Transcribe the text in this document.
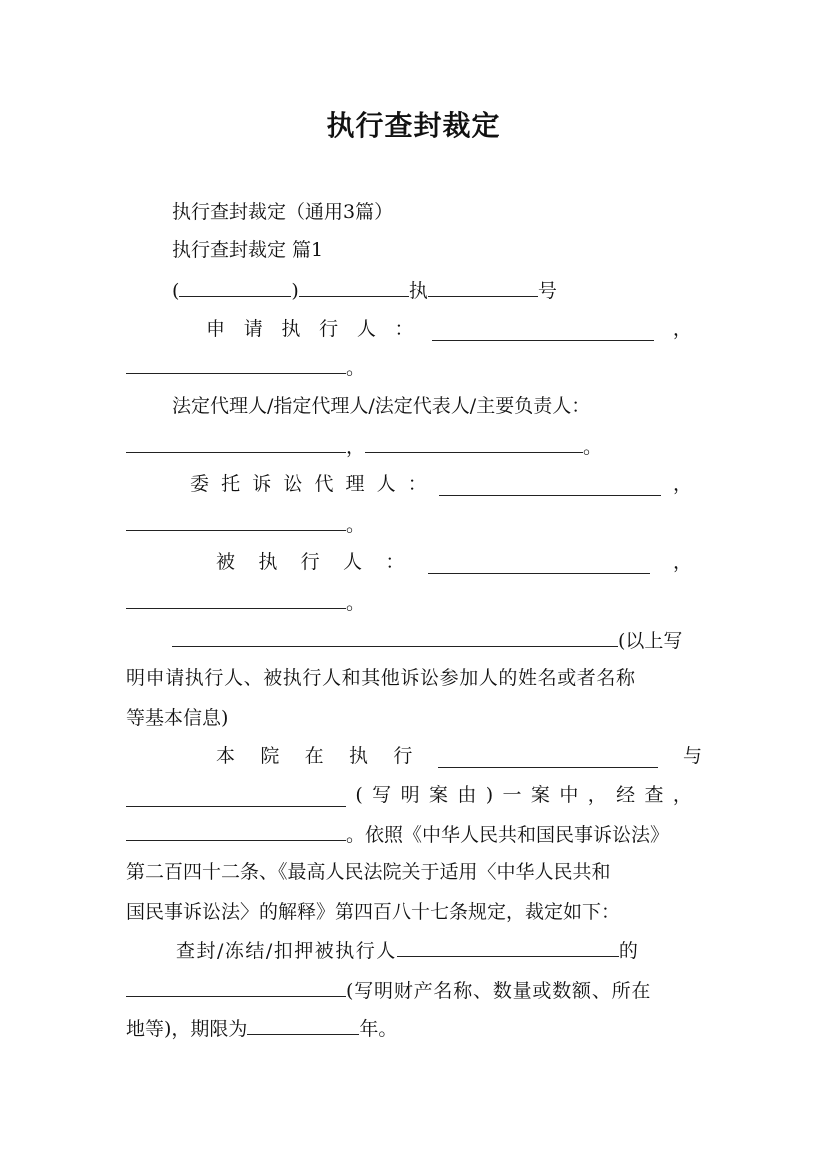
执行查封裁定
执行查封裁定（通用3篇）
执行查封裁定 篇1
(	)	执	号
申 请 执 行 人 ：	，
。
法定代理人/指定代理人/法定代表人/主要负责人：
，	。
委 托 诉 讼 代 理 人 ：	，
。
被 执 行 人 ：	，
。
(以上写
明申请执行人、被执行人和其他诉讼参加人的姓名或者名称
等基本信息)
本 院 在 执 行	与
( 写 明 案 由 ) 一 案 中 ， 经 查 ，
。依照《中华人民共和国民事诉讼法》
第二百四十二条、《最高人民法院关于适用〈中华人民共和
国民事诉讼法〉的解释》第四百八十七条规定，裁定如下：
查封/冻结/扣押被执行人	的
(写明财产名称、数量或数额、所在
地等)，期限为	年。
